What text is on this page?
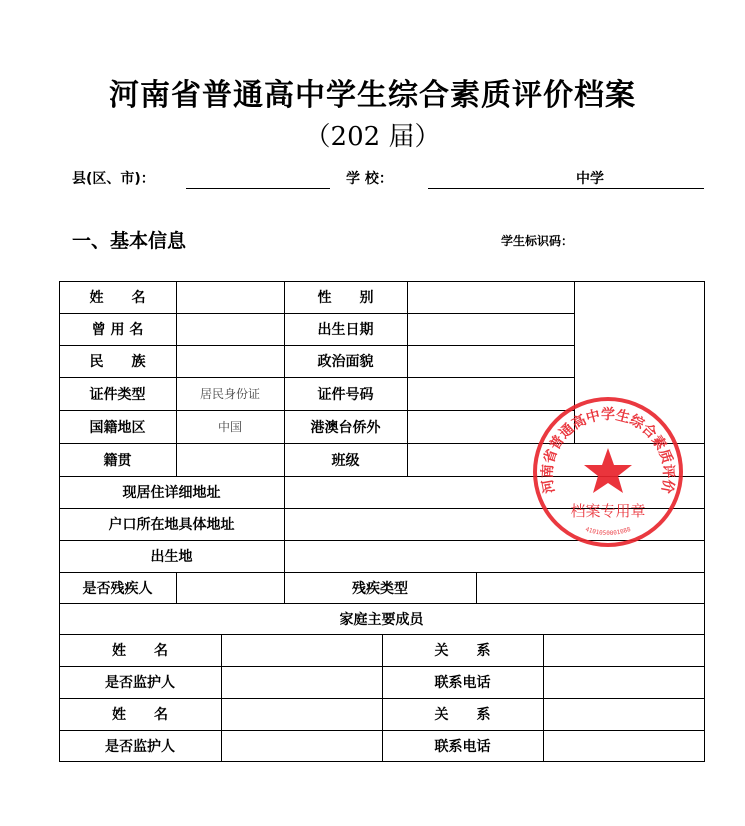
河南省普通高中学生综合素质评价档案
（202 届）
县(区、市)：	学 校：	中学
一、基本信息	学生标识码：
姓　　名	性　　别
曾 用 名	出生日期
民　　族	政治面貌
证件类型	居民身份证	证件号码
国籍地区	中国	港澳台侨外
籍贯	班级
现居住详细地址
户口所在地具体地址
出生地
是否残疾人	残疾类型
家庭主要成员
姓　　名	关　　系
是否监护人	联系电话
姓　　名	关　　系
是否监护人	联系电话
河南省普通高中学生综合素质评价
档案专用章
4101050001088
